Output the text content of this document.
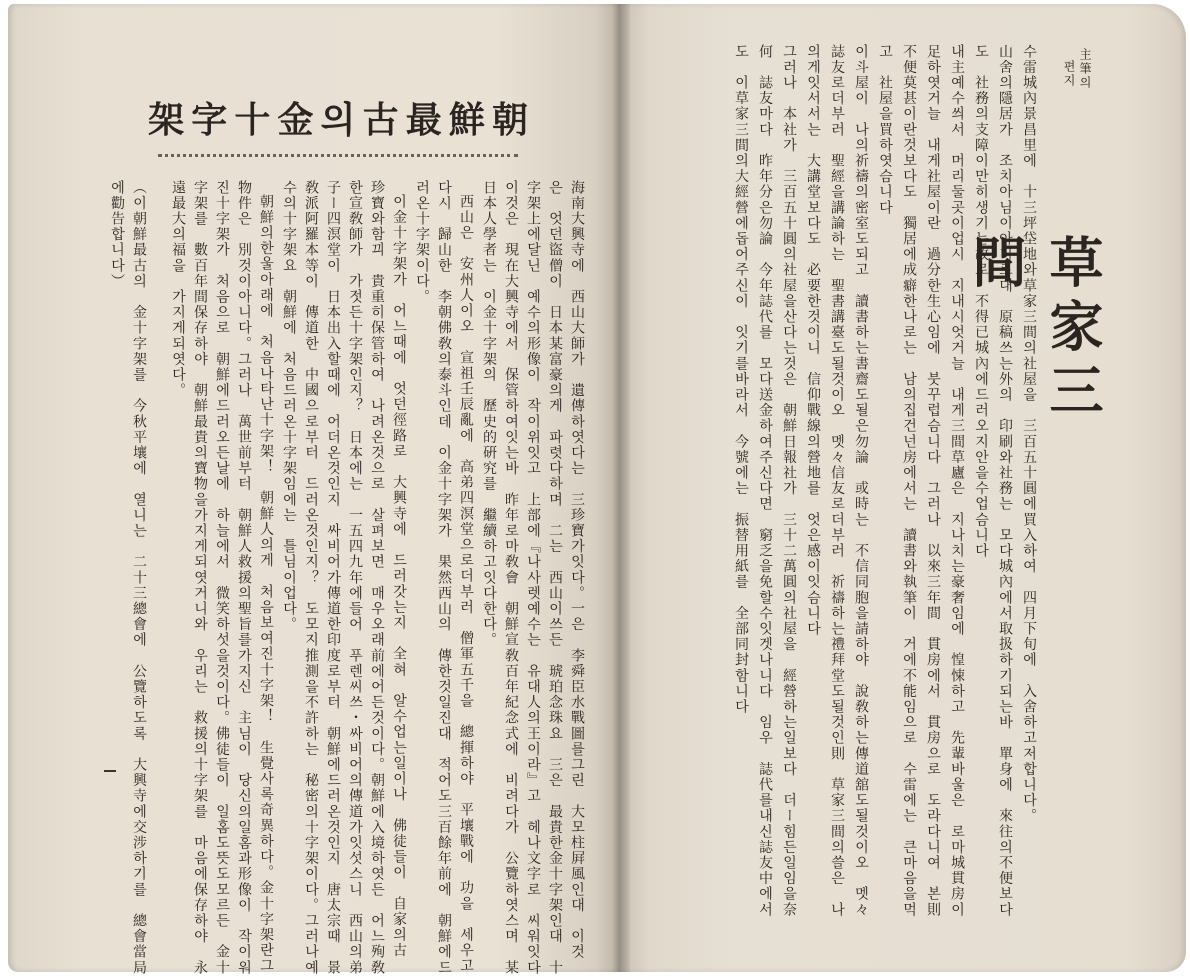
朝
鮮
最
古
의
金
十
字
架
海南大興寺에　西山大師가　遺傳하엿다는　三珍寶가잇다。一은　李舜臣水戰圖를그린　大모柱屛風인대　이것
은　엇던盜僧이　日本某富豪의게　파렷다하며　二는　西山이쓰든　琥珀念珠요　三은　最貴한金十字架인대　十
字架上에달닌　예수의形像이　작이위잇고　上部에『나사렛예수는　유대人의王이라』고　헤나文字로　씨워잇다
이것은　現在大興寺에서　保管하여잇는바　昨年로마敎會　朝鮮宣敎百年紀念式에　비려다가　公覽하엿스며　某
日本人學者는　이金十字架의　歷史的硏究를　繼續하고잇다한다。
西山은　安州人이오　宣祖壬辰亂에　高弟四溟堂으로더부러　僧軍五千을　總揮하야　平壤戰에　功을　세우고
다시　歸山한　李朝佛敎의泰斗인데　이金十字架가　果然西山의　傳한것일진대　적어도三百餘年前에　朝鮮에드
러온十字架이다。
이金十字架가　어느때에　엇던徑路로　大興寺에　드러갓는지　全혀　알수업는일이나　佛徒들이　自家의古
珍寶와함끠　貴重히保管하여　나려온것으로　살펴보면　매우오래前에어든것이다。朝鮮에入境하엿든　어느殉敎
한宣敎師가　가젓든十字架인지？　日本에는　一五四九年에들어　푸렌씨쓰・싸비어의傳道가잇섯스니　西山의弟
子ー四溟堂이　日本出入할때에　어더온것인지　싸비어가傳道한印度로부터　朝鮮에드러온것인지　唐太宗때　景
敎派阿羅本等이　傳道한　中國으로부터　드러온것인지？　도모지推測을不許하는　秘密의十字架이다。그러나예
수의十字架요　朝鮮에　처음드러온十字架임에는　틀님이업다。
朝鮮의한울아래에　처음나타난十字架！　朝鮮人의게　처음보여진十字架！　生覺사록奇異하다。金十字架란그
物件은　別것이아니다。그러나　萬世前부터　朝鮮人救援의聖旨를가지신　主님이　당신의일홈과形像이　작이워
진十字架가　처음으로　朝鮮에드러오든날에　하늘에서　微笑하섯을것이다。佛徒들이　일홈도뜻도모르든　金十
字架를　數百年間保存하야　朝鮮最貴의寶物을가지게되엿거니와　우리는　救援의十字架를　마음에保存하야　永
遠最大의福을　가지게되엿다。
（이朝鮮最古의　金十字架를　今秋平壤에　열니는　二十三總會에　公覽하도록　大興寺에交涉하기를　總會當局
에勸告합니다）
主筆의
편지
草家三間
수雷城內景昌里에　十三坪垈地와草家三間의社屋을　三百五十圓에買入하여　四月下旬에　入舍하고저합니다。
山舍의隱居가　조치아님이아니로대　原稿쓰는外의　印刷와社務는　모다城內에서取扱하기되는바　單身에　來往의不便보다
도　社務의支障이만히생기는故로　不得已城內에드러오지안을수업슴니다
내主예수씌서　머리둘곳이업시　지내시엇거늘　내게三間草廬은　지나치는豪奢임에　惶悚하고　先輩바울은　로마城貫房이
足하엿거늘　내게社屋이란　過分한生心임에　붓꾸럽슴니다　그러나　以來三年間　貫房에서　貫房으로　도라다니여　본則
不便莫甚이란것보다도　獨居에成癖한나로는　남의집건넌房에서는　讀書와執筆이　거에不能임으로　수雷에는　큰마음을먹
고　社屋을買하엿슴니다
이斗屋이　나의祈禱의密室도되고　讀書하는書齋도될은勿論　或時는　不信同胞을請하야　說敎하는傳道舘도될것이오　멧々
誌友로더부러　聖經을講論하는　聖書講臺도될것이오　멧々信友로더부러　祈禱하는禮拜堂도될것인則　草家三間의쓸은　나
의게잇서서는　大講堂보다도　必要한것이니　信仰戰線의營地를　엇은感이잇슴니다
그러나　本社가　三百五十圓의社屋을산다는것은　朝鮮日報社가　三十二萬圓의社屋을　經營하는일보다　더ー힘든일임을奈
何　誌友마다　昨年分은勿論　今年誌代를　모다送金하여주신다면　窮乏을免할수잇겟나니다　임우　誌代를내신誌友中에서
도　이草家三間의大經營에돕어주신이　잇기를바라서　今號에는　振替用紙를　全部同封함니다
